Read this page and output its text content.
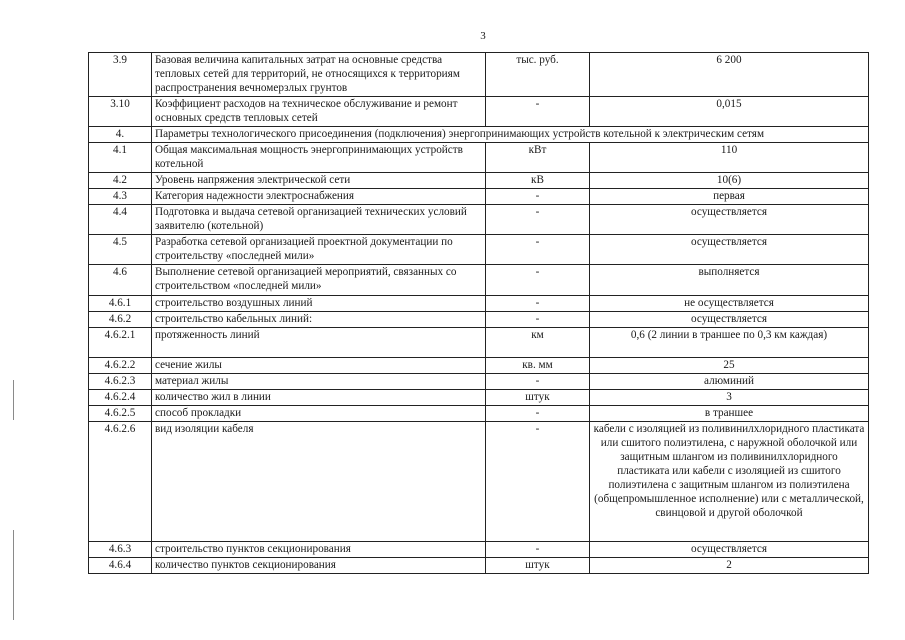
3
3.9	Базовая величина капитальных затрат на основные средства тепловых сетей для территорий, не относящихся к территориям распространения вечномерзлых грунтов	тыс. руб.	6 200
3.10	Коэффициент расходов на техническое обслуживание и ремонт основных средств тепловых сетей	-	0,015
4.	Параметры технологического присоединения (подключения) энергопринимающих устройств котельной к электрическим сетям		
4.1	Общая максимальная мощность энергопринимающих устройств котельной	кВт	110
4.2	Уровень напряжения электрической сети	кВ	10(6)
4.3	Категория надежности электроснабжения	-	первая
4.4	Подготовка и выдача сетевой организацией технических условий заявителю (котельной)	-	осуществляется
4.5	Разработка сетевой организацией проектной документации по строительству «последней мили»	-	осуществляется
4.6	Выполнение сетевой организацией мероприятий, связанных со строительством «последней мили»	-	выполняется
4.6.1	строительство воздушных линий	-	не осуществляется
4.6.2	строительство кабельных линий:	-	осуществляется
4.6.2.1	протяженность линий	км	0,6 (2 линии в траншее по 0,3 км каждая)
4.6.2.2	сечение жилы	кв. мм	25
4.6.2.3	материал жилы	-	алюминий
4.6.2.4	количество жил в линии	штук	3
4.6.2.5	способ прокладки	-	в траншее
4.6.2.6	вид изоляции кабеля	-	кабели с изоляцией из поливинилхлоридного пластиката или сшитого полиэтилена, с наружной оболочкой или защитным шлангом из поливинилхлоридного пластиката или кабели с изоляцией из сшитого полиэтилена с защитным шлангом из полиэтилена (общепромышленное исполнение) или с металлической, свинцовой и другой оболочкой
4.6.3	строительство пунктов секционирования	-	осуществляется
4.6.4	количество пунктов секционирования	штук	2
